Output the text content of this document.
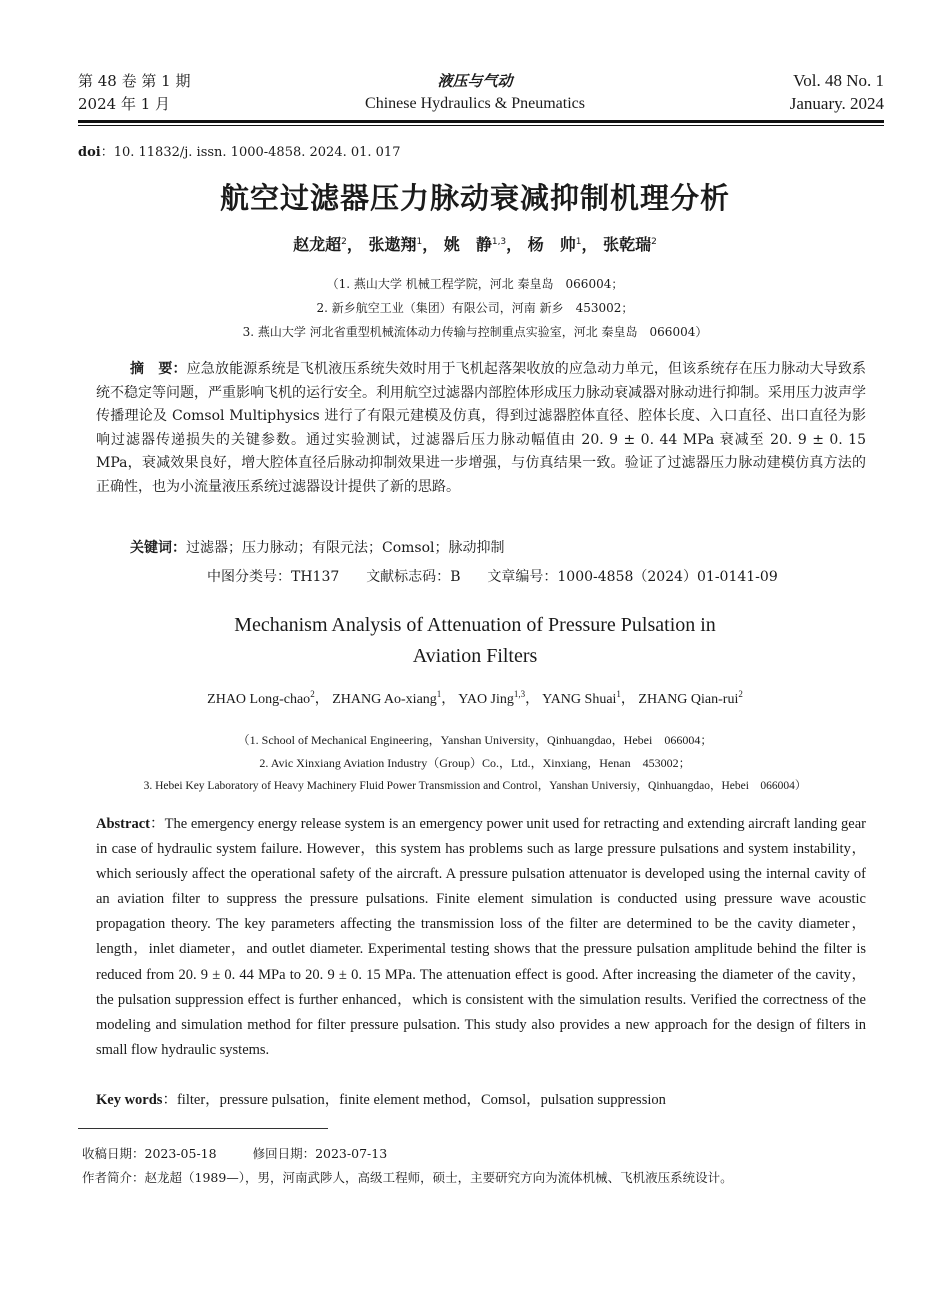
第 48 卷 第 1 期
2024 年 1 月
液压与气动
Chinese Hydraulics & Pneumatics
Vol. 48 No. 1
January. 2024
doi：10. 11832/j. issn. 1000-4858. 2024. 01. 017
航空过滤器压力脉动衰减抑制机理分析
赵龙超$^2$， 张遨翔$^1$， 姚　静$^{1,3}$， 杨　帅$^1$， 张乾瑞$^2$
（1. 燕山大学 机械工程学院，河北 秦皇岛　066004；
2. 新乡航空工业（集团）有限公司，河南 新乡　453002；
3. 燕山大学 河北省重型机械流体动力传输与控制重点实验室，河北 秦皇岛　066004）
摘　要：应急放能源系统是飞机液压系统失效时用于飞机起落架收放的应急动力单元，但该系统存在压力脉动大导致系统不稳定等问题，严重影响飞机的运行安全。利用航空过滤器内部腔体形成压力脉动衰减器对脉动进行抑制。采用压力波声学传播理论及 Comsol Multiphysics 进行了有限元建模及仿真，得到过滤器腔体直径、腔体长度、入口直径、出口直径为影响过滤器传递损失的关键参数。通过实验测试，过滤器后压力脉动幅值由 20. 9 ± 0. 44 MPa 衰减至 20. 9 ± 0. 15 MPa，衰减效果良好，增大腔体直径后脉动抑制效果进一步增强，与仿真结果一致。验证了过滤器压力脉动建模仿真方法的正确性，也为小流量液压系统过滤器设计提供了新的思路。
关键词：过滤器；压力脉动；有限元法；Comsol；脉动抑制
中图分类号：TH137 文献标志码：B 文章编号：1000-4858（2024）01-0141-09
Mechanism Analysis of Attenuation of Pressure Pulsation in
Aviation Filters
ZHAO Long-chao$^2$， ZHANG Ao-xiang$^1$， YAO Jing$^{1,3}$， YANG Shuai$^1$， ZHANG Qian-rui$^2$
（1. School of Mechanical Engineering，Yanshan University，Qinhuangdao，Hebei　066004；
2. Avic Xinxiang Aviation Industry（Group）Co.，Ltd.，Xinxiang，Henan　453002；
3. Hebei Key Laboratory of Heavy Machinery Fluid Power Transmission and Control，Yanshan Universiy，Qinhuangdao，Hebei　066004）
Abstract：The emergency energy release system is an emergency power unit used for retracting and extending aircraft landing gear in case of hydraulic system failure. However，this system has problems such as large pressure pulsations and system instability，which seriously affect the operational safety of the aircraft. A pressure pulsation attenuator is developed using the internal cavity of an aviation filter to suppress the pressure pulsations. Finite element simulation is conducted using pressure wave acoustic propagation theory. The key parameters affecting the transmission loss of the filter are determined to be the cavity diameter，length，inlet diameter，and outlet diameter. Experimental testing shows that the pressure pulsation amplitude behind the filter is reduced from 20. 9 ± 0. 44 MPa to 20. 9 ± 0. 15 MPa. The attenuation effect is good. After increasing the diameter of the cavity，the pulsation suppression effect is further enhanced，which is consistent with the simulation results. Verified the correctness of the modeling and simulation method for filter pressure pulsation. This study also provides a new approach for the design of filters in small flow hydraulic systems.
Key words：filter，pressure pulsation，finite element method，Comsol，pulsation suppression
收稿日期：2023-05-18	修回日期：2023-07-13
作者简介：赵龙超（1989—），男，河南武陟人，高级工程师，硕士，主要研究方向为流体机械、飞机液压系统设计。
